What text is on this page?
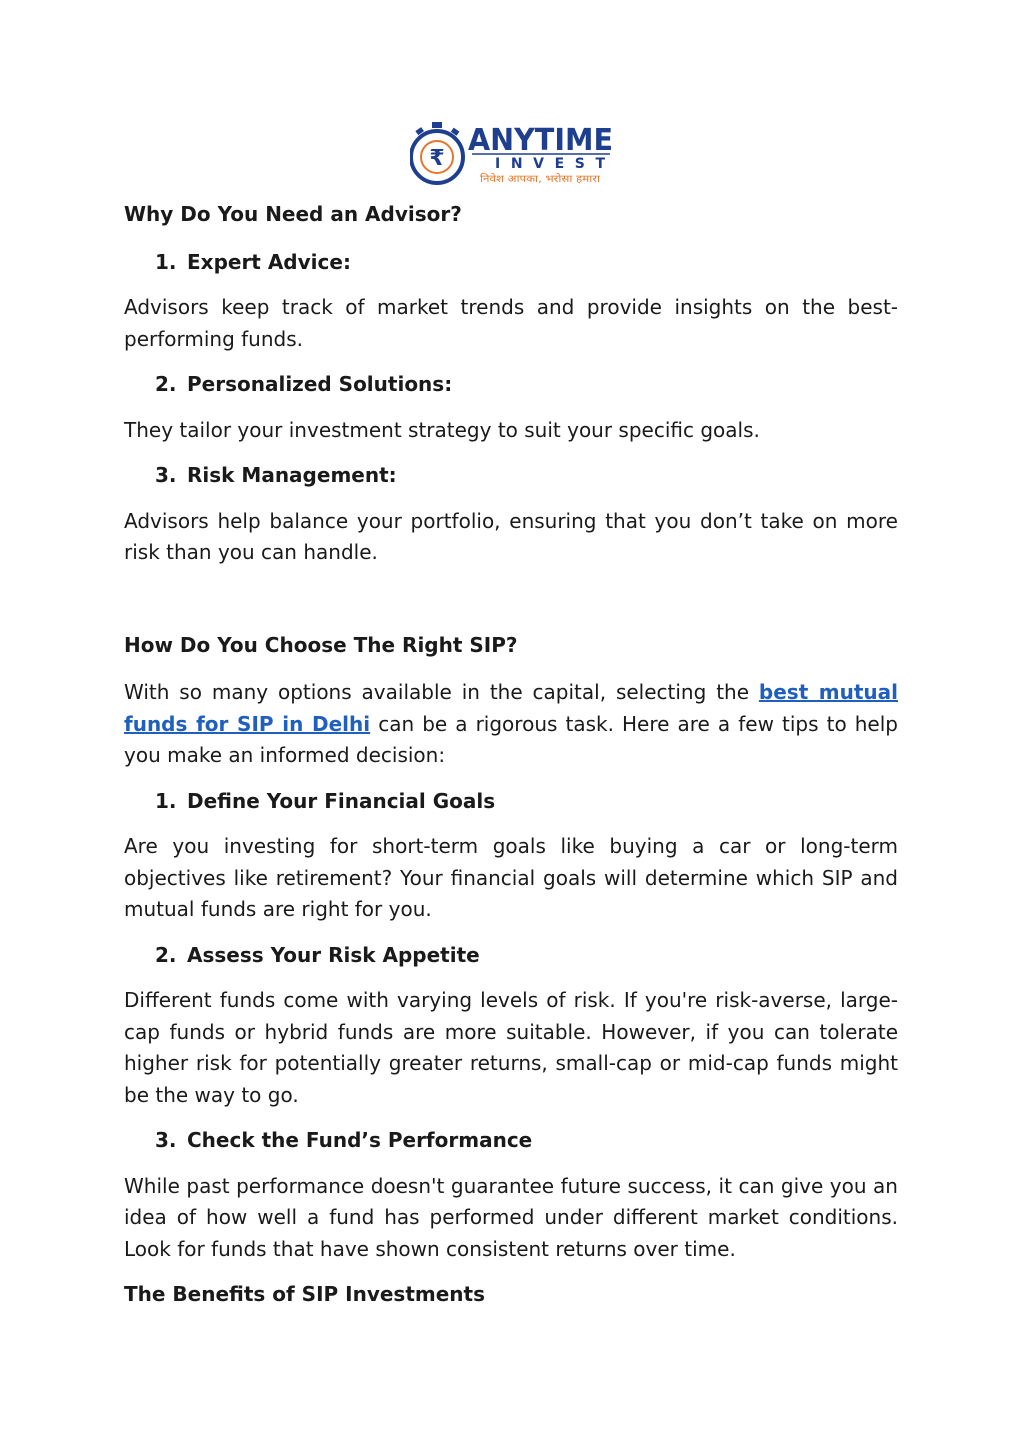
₹
ANYTIME
INVEST
निवेश आपका, भरोसा हमारा
Why Do You Need an Advisor?
1. Expert Advice:
Advisors keep track of market trends and provide insights on the best-performing funds.
2. Personalized Solutions:
They tailor your investment strategy to suit your specific goals.
3. Risk Management:
Advisors help balance your portfolio, ensuring that you don’t take on more risk than you can handle.
How Do You Choose The Right SIP?
With so many options available in the capital, selecting the best mutual funds for SIP in Delhi can be a rigorous task. Here are a few tips to help you make an informed decision:
1. Define Your Financial Goals
Are you investing for short-term goals like buying a car or long-term objectives like retirement? Your financial goals will determine which SIP and mutual funds are right for you.
2. Assess Your Risk Appetite
Different funds come with varying levels of risk. If you're risk-averse, large-cap funds or hybrid funds are more suitable. However, if you can tolerate higher risk for potentially greater returns, small-cap or mid-cap funds might be the way to go.
3. Check the Fund’s Performance
While past performance doesn't guarantee future success, it can give you an idea of how well a fund has performed under different market conditions. Look for funds that have shown consistent returns over time.
The Benefits of SIP Investments
